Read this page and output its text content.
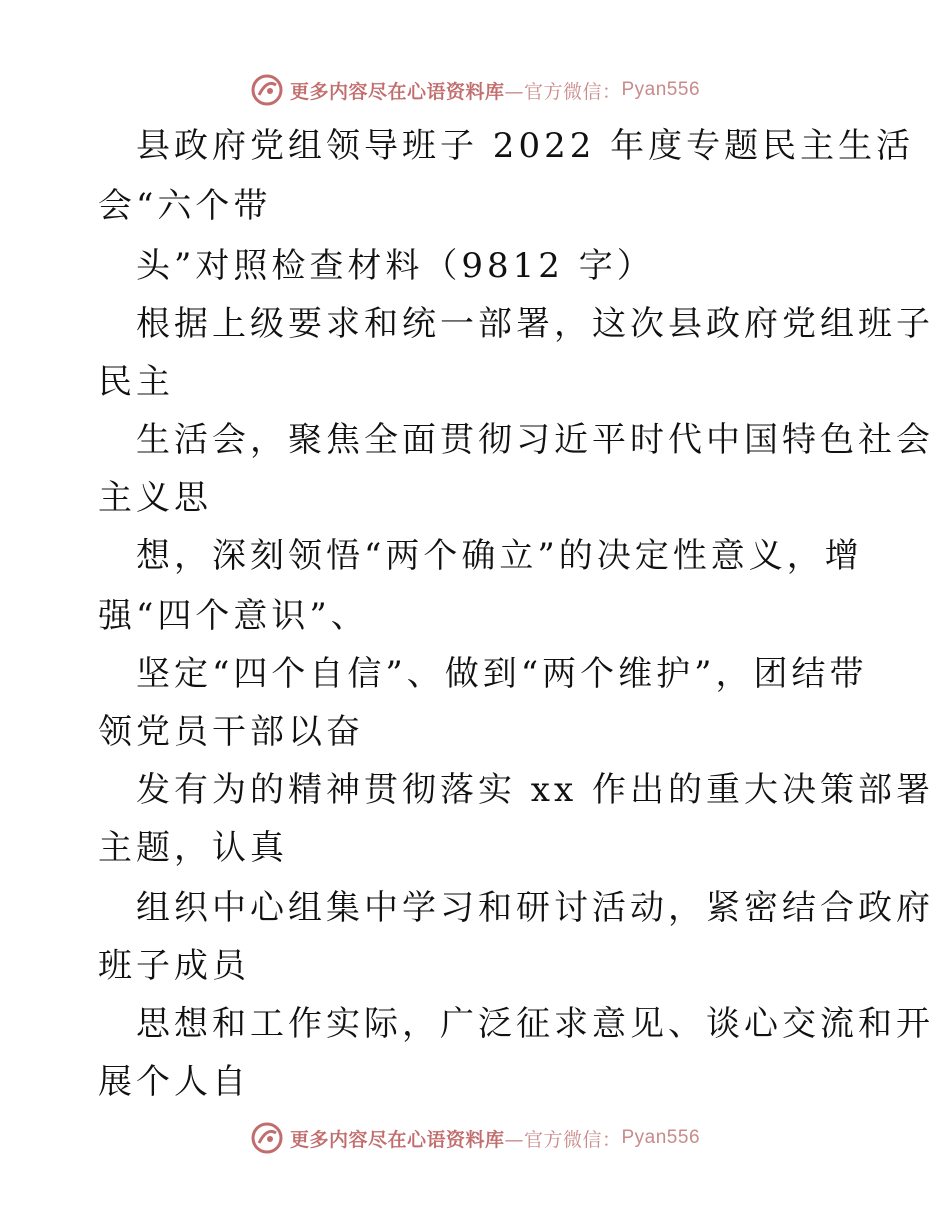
更多内容尽在心语资料库 —官方微信： Pyan556
县政府党组领导班子 2022 年度专题民主生活
会“六个带
头”对照检查材料（9812 字）
根据上级要求和统一部署，这次县政府党组班子
民主
生活会，聚焦全面贯彻习近平时代中国特色社会
主义思
想，深刻领悟“两个确立”的决定性意义，增
强“四个意识”、
坚定“四个自信”、做到“两个维护”，团结带
领党员干部以奋
发有为的精神贯彻落实 xx 作出的重大决策部署
主题，认真
组织中心组集中学习和研讨活动，紧密结合政府
班子成员
思想和工作实际，广泛征求意见、谈心交流和开
展个人自
更多内容尽在心语资料库 —官方微信： Pyan556
